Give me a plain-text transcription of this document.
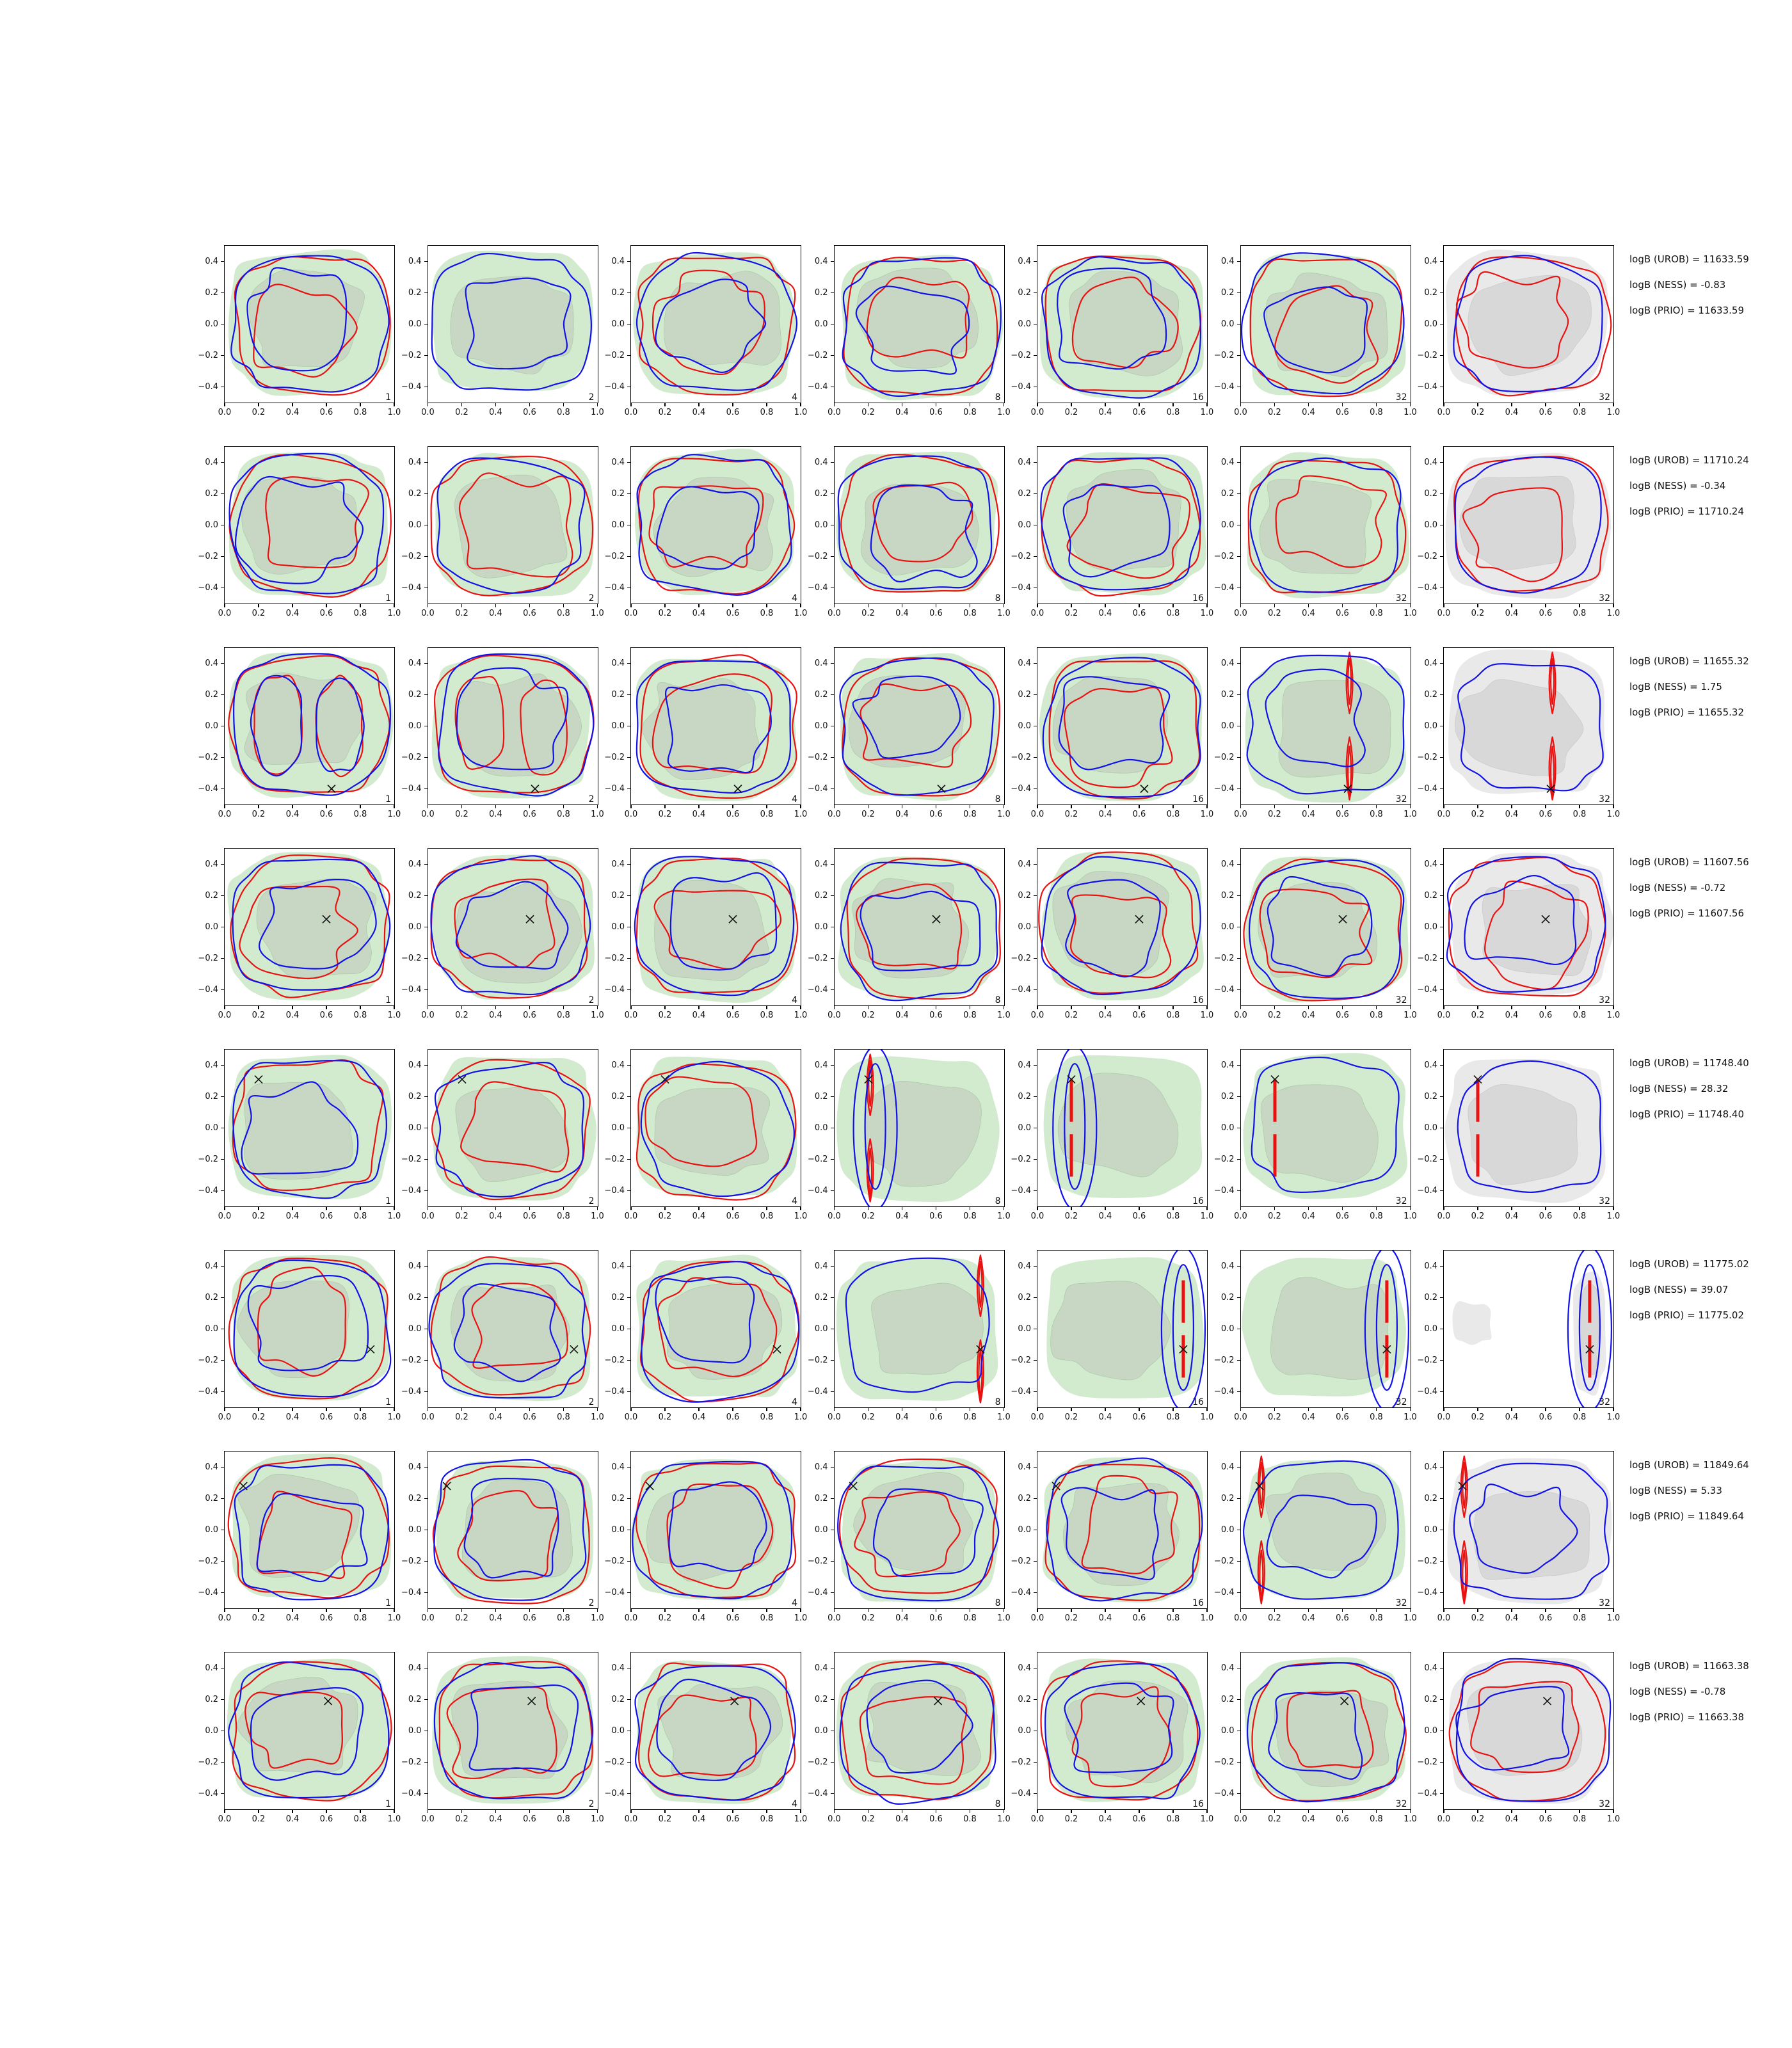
0.0 0.2 0.4 0.6 0.8 1.0
0.4
0.2
0.0
−0.2
−0.4
1
0.0 0.2 0.4 0.6 0.8 1.0
0.4
0.2
0.0
−0.2
−0.4
2
0.0 0.2 0.4 0.6 0.8 1.0
0.4
0.2
0.0
−0.2
−0.4
4
0.0 0.2 0.4 0.6 0.8 1.0
0.4
0.2
0.0
−0.2
−0.4
8
0.0 0.2 0.4 0.6 0.8 1.0
0.4
0.2
0.0
−0.2
−0.4
16
0.0 0.2 0.4 0.6 0.8 1.0
0.4
0.2
0.0
−0.2
−0.4
32
0.0 0.2 0.4 0.6 0.8 1.0
0.4
0.2
0.0
−0.2
−0.4
32
0.0 0.2 0.4 0.6 0.8 1.0
0.4
0.2
0.0
−0.2
−0.4
1
0.0 0.2 0.4 0.6 0.8 1.0
0.4
0.2
0.0
−0.2
−0.4
2
0.0 0.2 0.4 0.6 0.8 1.0
0.4
0.2
0.0
−0.2
−0.4
4
0.0 0.2 0.4 0.6 0.8 1.0
0.4
0.2
0.0
−0.2
−0.4
8
0.0 0.2 0.4 0.6 0.8 1.0
0.4
0.2
0.0
−0.2
−0.4
16
0.0 0.2 0.4 0.6 0.8 1.0
0.4
0.2
0.0
−0.2
−0.4
32
0.0 0.2 0.4 0.6 0.8 1.0
0.4
0.2
0.0
−0.2
−0.4
32
0.0 0.2 0.4 0.6 0.8 1.0
0.4
0.2
0.0
−0.2
−0.4
1
0.0 0.2 0.4 0.6 0.8 1.0
0.4
0.2
0.0
−0.2
−0.4
2
0.0 0.2 0.4 0.6 0.8 1.0
0.4
0.2
0.0
−0.2
−0.4
4
0.0 0.2 0.4 0.6 0.8 1.0
0.4
0.2
0.0
−0.2
−0.4
8
0.0 0.2 0.4 0.6 0.8 1.0
0.4
0.2
0.0
−0.2
−0.4
16
0.0 0.2 0.4 0.6 0.8 1.0
0.4
0.2
0.0
−0.2
−0.4
32
0.0 0.2 0.4 0.6 0.8 1.0
0.4
0.2
0.0
−0.2
−0.4
32
0.0 0.2 0.4 0.6 0.8 1.0
0.4
0.2
0.0
−0.2
−0.4
1
0.0 0.2 0.4 0.6 0.8 1.0
0.4
0.2
0.0
−0.2
−0.4
2
0.0 0.2 0.4 0.6 0.8 1.0
0.4
0.2
0.0
−0.2
−0.4
4
0.0 0.2 0.4 0.6 0.8 1.0
0.4
0.2
0.0
−0.2
−0.4
8
0.0 0.2 0.4 0.6 0.8 1.0
0.4
0.2
0.0
−0.2
−0.4
16
0.0 0.2 0.4 0.6 0.8 1.0
0.4
0.2
0.0
−0.2
−0.4
32
0.0 0.2 0.4 0.6 0.8 1.0
0.4
0.2
0.0
−0.2
−0.4
32
0.0 0.2 0.4 0.6 0.8 1.0
0.4
0.2
0.0
−0.2
−0.4
1
0.0 0.2 0.4 0.6 0.8 1.0
0.4
0.2
0.0
−0.2
−0.4
2
0.0 0.2 0.4 0.6 0.8 1.0
0.4
0.2
0.0
−0.2
−0.4
4
0.0 0.2 0.4 0.6 0.8 1.0
0.4
0.2
0.0
−0.2
−0.4
8
0.0 0.2 0.4 0.6 0.8 1.0
0.4
0.2
0.0
−0.2
−0.4
16
0.0 0.2 0.4 0.6 0.8 1.0
0.4
0.2
0.0
−0.2
−0.4
32
0.0 0.2 0.4 0.6 0.8 1.0
0.4
0.2
0.0
−0.2
−0.4
32
0.0 0.2 0.4 0.6 0.8 1.0
0.4
0.2
0.0
−0.2
−0.4
1
0.0 0.2 0.4 0.6 0.8 1.0
0.4
0.2
0.0
−0.2
−0.4
2
0.0 0.2 0.4 0.6 0.8 1.0
0.4
0.2
0.0
−0.2
−0.4
4
0.0 0.2 0.4 0.6 0.8 1.0
0.4
0.2
0.0
−0.2
−0.4
8
0.0 0.2 0.4 0.6 0.8 1.0
0.4
0.2
0.0
−0.2
−0.4
16
0.0 0.2 0.4 0.6 0.8 1.0
0.4
0.2
0.0
−0.2
−0.4
32
0.0 0.2 0.4 0.6 0.8 1.0
0.4
0.2
0.0
−0.2
−0.4
32
0.0 0.2 0.4 0.6 0.8 1.0
0.4
0.2
0.0
−0.2
−0.4
1
0.0 0.2 0.4 0.6 0.8 1.0
0.4
0.2
0.0
−0.2
−0.4
2
0.0 0.2 0.4 0.6 0.8 1.0
0.4
0.2
0.0
−0.2
−0.4
4
0.0 0.2 0.4 0.6 0.8 1.0
0.4
0.2
0.0
−0.2
−0.4
8
0.0 0.2 0.4 0.6 0.8 1.0
0.4
0.2
0.0
−0.2
−0.4
16
0.0 0.2 0.4 0.6 0.8 1.0
0.4
0.2
0.0
−0.2
−0.4
32
0.0 0.2 0.4 0.6 0.8 1.0
0.4
0.2
0.0
−0.2
−0.4
32
0.0 0.2 0.4 0.6 0.8 1.0
0.4
0.2
0.0
−0.2
−0.4
1
0.0 0.2 0.4 0.6 0.8 1.0
0.4
0.2
0.0
−0.2
−0.4
2
0.0 0.2 0.4 0.6 0.8 1.0
0.4
0.2
0.0
−0.2
−0.4
4
0.0 0.2 0.4 0.6 0.8 1.0
0.4
0.2
0.0
−0.2
−0.4
8
0.0 0.2 0.4 0.6 0.8 1.0
0.4
0.2
0.0
−0.2
−0.4
16
0.0 0.2 0.4 0.6 0.8 1.0
0.4
0.2
0.0
−0.2
−0.4
32
0.0 0.2 0.4 0.6 0.8 1.0
0.4
0.2
0.0
−0.2
−0.4
32
logB (UROB) = 11633.59
logB (NESS) = -0.83
logB (PRIO) = 11633.59
logB (UROB) = 11710.24
logB (NESS) = -0.34
logB (PRIO) = 11710.24
logB (UROB) = 11655.32
logB (NESS) = 1.75
logB (PRIO) = 11655.32
logB (UROB) = 11607.56
logB (NESS) = -0.72
logB (PRIO) = 11607.56
logB (UROB) = 11748.40
logB (NESS) = 28.32
logB (PRIO) = 11748.40
logB (UROB) = 11775.02
logB (NESS) = 39.07
logB (PRIO) = 11775.02
logB (UROB) = 11849.64
logB (NESS) = 5.33
logB (PRIO) = 11849.64
logB (UROB) = 11663.38
logB (NESS) = -0.78
logB (PRIO) = 11663.38
